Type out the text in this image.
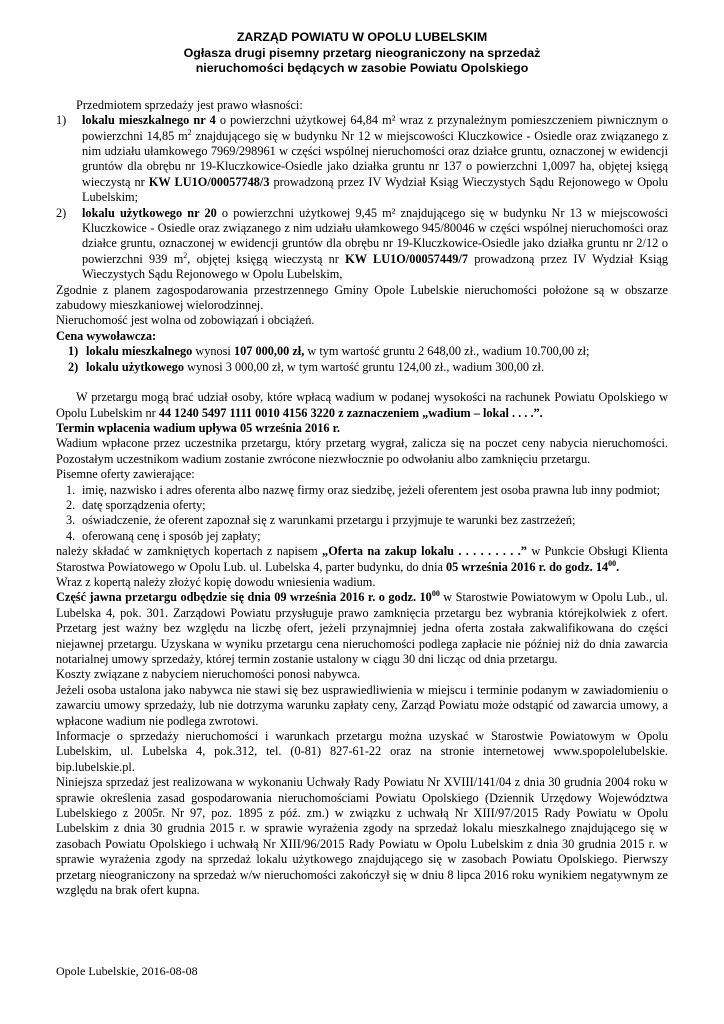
ZARZĄD POWIATU W OPOLU LUBELSKIM
Ogłasza drugi pisemny przetarg nieograniczony na sprzedaż
nieruchomości będących w zasobie Powiatu Opolskiego

Przedmiotem sprzedaży jest prawo własności:

1) lokalu mieszkalnego nr 4 o powierzchni użytkowej 64,84 m² wraz z przynależnym pomieszczeniem piwnicznym o powierzchni 14,85 $m^2$ znajdującego się w budynku Nr 12 w miejscowości Kluczkowice - Osiedle oraz związanego z nim udziału ułamkowego 7969/298961 w części wspólnej nieruchomości oraz działce gruntu, oznaczonej w ewidencji gruntów dla obrębu nr 19-Kluczkowice-Osiedle jako działka gruntu nr 137 o powierzchni 1,0097 ha, objętej księgą wieczystą nr KW LU1O/00057748/3 prowadzoną przez IV Wydział Ksiąg Wieczystych Sądu Rejonowego w Opolu Lubelskim;
2) lokalu użytkowego nr 20 o powierzchni użytkowej 9,45 m² znajdującego się w budynku Nr 13 w miejscowości Kluczkowice - Osiedle oraz związanego z nim udziału ułamkowego 945/80046 w części wspólnej nieruchomości oraz działce gruntu, oznaczonej w ewidencji gruntów dla obrębu nr 19-Kluczkowice-Osiedle jako działka gruntu nr 2/12 o powierzchni 939 $m^2$, objętej księgą wieczystą nr KW LU1O/00057449/7 prowadzoną przez IV Wydział Ksiąg Wieczystych Sądu Rejonowego w Opolu Lubelskim,

Zgodnie z planem zagospodarowania przestrzennego Gminy Opole Lubelskie nieruchomości położone są w obszarze zabudowy mieszkaniowej wielorodzinnej.

Nieruchomość jest wolna od zobowiązań i obciążeń.

Cena wywoławcza:

1) lokalu mieszkalnego wynosi 107 000,00 zł, w tym wartość gruntu 2 648,00 zł., wadium 10.700,00 zł;
2) lokalu użytkowego wynosi 3 000,00 zł, w tym wartość gruntu 124,00 zł., wadium 300,00 zł.

W przetargu mogą brać udział osoby, które wpłacą wadium w podanej wysokości na rachunek Powiatu Opolskiego w Opolu Lubelskim nr 44 1240 5497 1111 0010 4156 3220 z zaznaczeniem „wadium – lokal . . . .”.

Termin wpłacenia wadium upływa 05 września 2016 r.

Wadium wpłacone przez uczestnika przetargu, który przetarg wygrał, zalicza się na poczet ceny nabycia nieruchomości. Pozostałym uczestnikom wadium zostanie zwrócone niezwłocznie po odwołaniu albo zamknięciu przetargu.

Pisemne oferty zawierające:

1. imię, nazwisko i adres oferenta albo nazwę firmy oraz siedzibę, jeżeli oferentem jest osoba prawna lub inny podmiot;
2. datę sporządzenia oferty;
3. oświadczenie, że oferent zapoznał się z warunkami przetargu i przyjmuje te warunki bez zastrzeżeń;
4. oferowaną cenę i sposób jej zapłaty;

należy składać w zamkniętych kopertach z napisem „Oferta na zakup lokalu . . . . . . . . .” w Punkcie Obsługi Klienta Starostwa Powiatowego w Opolu Lub. ul. Lubelska 4, parter budynku, do dnia 05 września 2016 r. do godz. $14^{00}$.

Wraz z kopertą należy złożyć kopię dowodu wniesienia wadium.

Część jawna przetargu odbędzie się dnia 09 września 2016 r. o godz. $10^{00}$ w Starostwie Powiatowym w Opolu Lub., ul. Lubelska 4, pok. 301. Zarządowi Powiatu przysługuje prawo zamknięcia przetargu bez wybrania którejkolwiek z ofert. Przetarg jest ważny bez względu na liczbę ofert, jeżeli przynajmniej jedna oferta została zakwalifikowana do części niejawnej przetargu. Uzyskana w wyniku przetargu cena nieruchomości podlega zapłacie nie później niż do dnia zawarcia notarialnej umowy sprzedaży, której termin zostanie ustalony w ciągu 30 dni licząc od dnia przetargu.

Koszty związane z nabyciem nieruchomości ponosi nabywca.

Jeżeli osoba ustalona jako nabywca nie stawi się bez usprawiedliwienia w miejscu i terminie podanym w zawiadomieniu o zawarciu umowy sprzedaży, lub nie dotrzyma warunku zapłaty ceny, Zarząd Powiatu może odstąpić od zawarcia umowy, a wpłacone wadium nie podlega zwrotowi.

Informacje o sprzedaży nieruchomości i warunkach przetargu można uzyskać w Starostwie Powiatowym w Opolu Lubelskim, ul. Lubelska 4, pok.312, tel. (0-81) 827-61-22 oraz na stronie internetowej www.spopolelubelskie. bip.lubelskie.pl.

Niniejsza sprzedaż jest realizowana w wykonaniu Uchwały Rady Powiatu Nr XVIII/141/04 z dnia 30 grudnia 2004 roku w sprawie określenia zasad gospodarowania nieruchomościami Powiatu Opolskiego (Dziennik Urzędowy Województwa Lubelskiego z 2005r. Nr 97, poz. 1895 z póź. zm.) w związku z uchwałą Nr XIII/97/2015 Rady Powiatu w Opolu Lubelskim z dnia 30 grudnia 2015 r. w sprawie wyrażenia zgody na sprzedaż lokalu mieszkalnego znajdującego się w zasobach Powiatu Opolskiego i uchwałą Nr XIII/96/2015 Rady Powiatu w Opolu Lubelskim z dnia 30 grudnia 2015 r. w sprawie wyrażenia zgody na sprzedaż lokalu użytkowego znajdującego się w zasobach Powiatu Opolskiego. Pierwszy przetarg nieograniczony na sprzedaż w/w nieruchomości zakończył się w dniu 8 lipca 2016 roku wynikiem negatywnym ze względu na brak ofert kupna.

Opole Lubelskie, 2016-08-08
